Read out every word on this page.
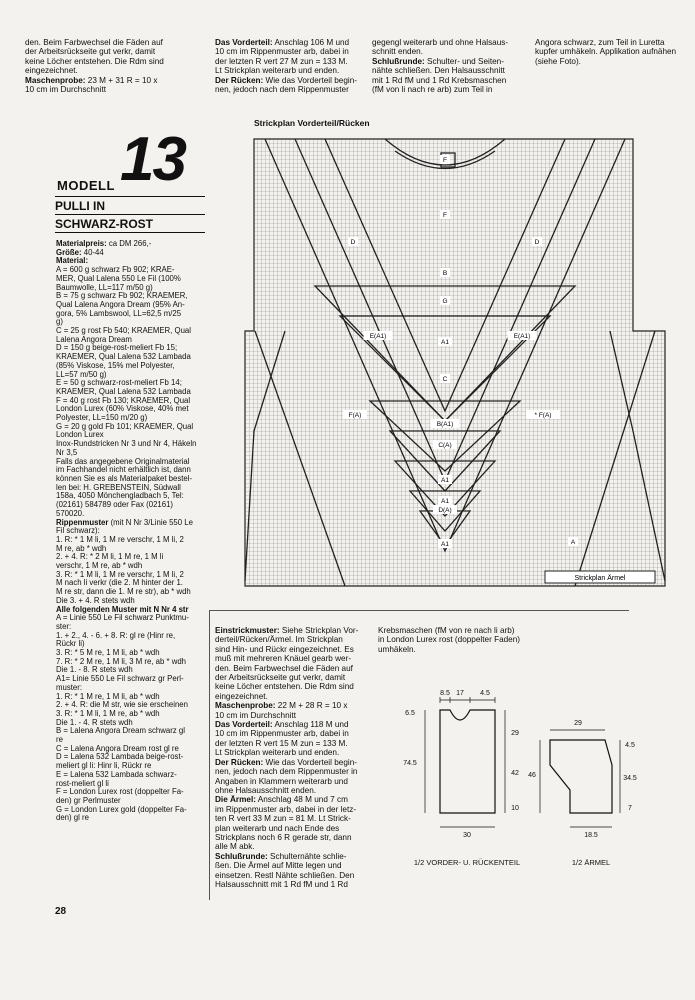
den. Beim Farbwechsel die Fäden auf
der Arbeitsrückseite gut verkr, damit
keine Löcher entstehen. Die Rdm sind
eingezeichnet.
Maschenprobe: 23 M + 31 R = 10 x
10 cm im Durchschnitt
Das Vorderteil: Anschlag 106 M und
10 cm im Rippenmuster arb, dabei in
der letzten R vert 27 M zun = 133 M.
Lt Strickplan weiterarb und enden.
Der Rücken: Wie das Vorderteil begin-
nen, jedoch nach dem Rippenmuster
gegengl weiterarb und ohne Halsaus-
schnitt enden.
Schlußrunde: Schulter- und Seiten-
nähte schließen. Den Halsausschnitt
mit 1 Rd fM und 1 Rd Krebsmaschen
(fM von li nach re arb) zum Teil in
Angora schwarz, zum Teil in Luretta
kupfer umhäkeln. Applikation aufnähen
(siehe Foto).
MODELL 13
PULLI IN
SCHWARZ-ROST
Materialpreis: ca DM 266,-
Größe: 40-44
Material:
A = 600 g schwarz Fb 902; KRAE-
MER, Qual Lalena 550 Le Fil (100%
Baumwolle, LL=117 m/50 g)
B = 75 g schwarz Fb 902; KRAEMER,
Qual Lalena Angora Dream (95% An-
gora, 5% Lambswool, LL=62,5 m/25
g)
C = 25 g rost Fb 540; KRAEMER, Qual
Lalena Angora Dream
D = 150 g beige-rost-meliert Fb 15;
KRAEMER, Qual Lalena 532 Lambada
(85% Viskose, 15% mel Polyester,
LL=57 m/50 g)
E = 50 g schwarz-rost-meliert Fb 14;
KRAEMER, Qual Lalena 532 Lambada
F = 40 g rost Fb 130; KRAEMER, Qual
London Lurex (60% Viskose, 40% met
Polyester, LL=150 m/20 g)
G = 20 g gold Fb 101; KRAEMER, Qual
London Lurex
Inox-Rundstricken Nr 3 und Nr 4, Häkeln
Nr 3,5
Falls das angegebene Originalmaterial
im Fachhandel nicht erhältlich ist, dann
können Sie es als Materialpaket bestel-
len bei: H. GREBENSTEIN, Südwall
158a, 4050 Mönchengladbach 5, Tel:
(02161) 584789 oder Fax (02161)
570020.
Rippenmuster (mit N Nr 3/Linie 550 Le
Fil schwarz):
1. R: * 1 M li, 1 M re verschr, 1 M li, 2
M re, ab * wdh
2. + 4. R: * 2 M li, 1 M re, 1 M li
verschr, 1 M re, ab * wdh
3. R: * 1 M li, 1 M re verschr, 1 M li, 2
M nach li verkr (die 2. M hinter der 1.
M re str, dann die 1. M re str), ab * wdh
Die 3. + 4. R stets wdh
Alle folgenden Muster mit N Nr 4 str
A = Linie 550 Le Fil schwarz Punktmu-
ster:
1. + 2., 4. - 6. + 8. R: gl re (Hinr re,
Rückr li)
3. R: * 5 M re, 1 M li, ab * wdh
7. R: * 2 M re, 1 M li, 3 M re, ab * wdh
Die 1. - 8. R stets wdh
A1= Linie 550 Le Fil schwarz gr Perl-
muster:
1. R: * 1 M re, 1 M li, ab * wdh
2. + 4. R: die M str, wie sie erscheinen
3. R: * 1 M li, 1 M re, ab * wdh
Die 1. - 4. R stets wdh
B = Lalena Angora Dream schwarz gl
re
C = Lalena Angora Dream rost gl re
D = Lalena 532 Lambada beige-rost-
meliert gl li: Hinr li, Rückr re
E = Lalena 532 Lambada schwarz-
rost-meliert gl li
F = London Lurex rost (doppelter Fa-
den) gr Perlmuster
G = London Lurex gold (doppelter Fa-
den) gl re
Strickplan Vorderteil/Rücken
F
F
D	D
B
G
E(A1)
A1
E(A1)
C
F(A)
B(A1)
* F(A)
C(A)
A1
A1
D(A)
A1	A
Strickplan Ärmel
Einstrickmuster: Siehe Strickplan Vor-
derteil/Rücken/Ärmel. Im Strickplan
sind Hin- und Rückr eingezeichnet. Es
muß mit mehreren Knäuel gearb wer-
den. Beim Farbwechsel die Fäden auf
der Arbeitsrückseite gut verkr, damit
keine Löcher entstehen. Die Rdm sind
eingezeichnet.
Maschenprobe: 22 M + 28 R = 10 x
10 cm im Durchschnitt
Das Vorderteil: Anschlag 118 M und
10 cm im Rippenmuster arb, dabei in
der letzten R vert 15 M zun = 133 M.
Lt Strickplan weiterarb und enden.
Der Rücken: Wie das Vorderteil begin-
nen, jedoch nach dem Rippenmuster in
Angaben in Klammern weiterarb und
ohne Halsausschnitt enden.
Die Ärmel: Anschlag 48 M und 7 cm
im Rippenmuster arb, dabei in der letz-
ten R vert 33 M zun = 81 M. Lt Strick-
plan weiterarb und nach Ende des
Strickplans noch 6 R gerade str, dann
alle M abk.
Schlußrunde: Schulternähte schlie-
ßen. Die Ärmel auf Mitte legen und
einsetzen. Restl Nähte schließen. Den
Halsausschnitt mit 1 Rd fM und 1 Rd
Krebsmaschen (fM von re nach li arb)
in London Lurex rost (doppelter Faden)
umhäkeln.
8.5 17 4.5
6.5
74.5
29
42
10
30
1/2 VORDER- U. RÜCKENTEIL
29
46
4.5
34.5
7
18.5
1/2 ÄRMEL
28
